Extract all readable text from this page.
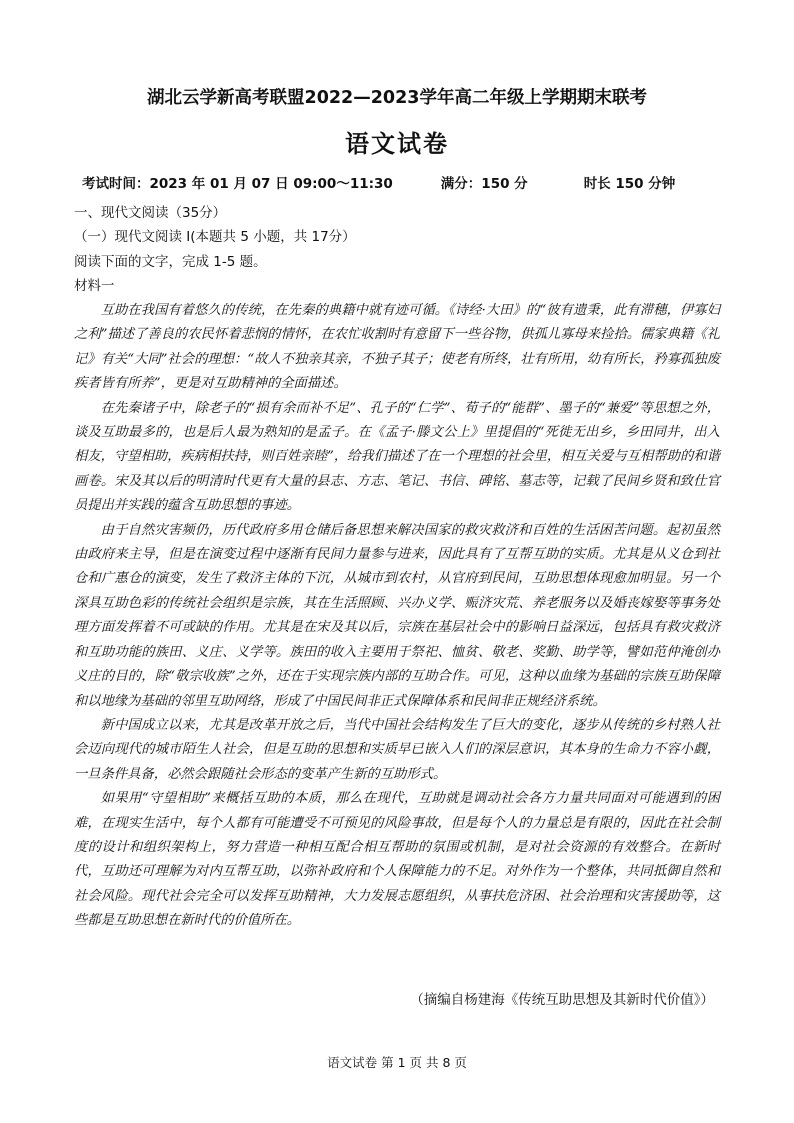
湖北云学新高考联盟2022—2023学年高二年级上学期期末联考
语文试卷
考试时间：2023 年 01 月 07 日 09:00～11:30	满分：150 分	时长 150 分钟
一、现代文阅读（35分）
（一）现代文阅读 I(本题共 5 小题，共 17分）
阅读下面的文字，完成 1-5 题。
材料一

互助在我国有着悠久的传统，在先秦的典籍中就有迹可循。《诗经·大田》的“彼有遗秉，此有滞穗，伊寡妇之利”描述了善良的农民怀着悲悯的情怀，在农忙收割时有意留下一些谷物，供孤儿寡母来捡拾。儒家典籍《礼记》有关“大同”社会的理想：“故人不独亲其亲，不独子其子；使老有所终，壮有所用，幼有所长，矜寡孤独废疾者皆有所养”，更是对互助精神的全面描述。

在先秦诸子中，除老子的“损有余而补不足”、孔子的“仁学”、荀子的“能群”、墨子的“兼爱”等思想之外，谈及互助最多的，也是后人最为熟知的是孟子。在《孟子·滕文公上》里提倡的“死徙无出乡，乡田同井，出入相友，守望相助，疾病相扶持，则百姓亲睦”，给我们描述了在一个理想的社会里，相互关爱与互相帮助的和谐画卷。宋及其以后的明清时代更有大量的县志、方志、笔记、书信、碑铭、墓志等，记载了民间乡贤和致仕官员提出并实践的蕴含互助思想的事迹。

由于自然灾害频仍，历代政府多用仓储后备思想来解决国家的救灾救济和百姓的生活困苦问题。起初虽然由政府来主导，但是在演变过程中逐渐有民间力量参与进来，因此具有了互帮互助的实质。尤其是从义仓到社仓和广惠仓的演变，发生了救济主体的下沉，从城市到农村，从官府到民间，互助思想体现愈加明显。另一个深具互助色彩的传统社会组织是宗族，其在生活照顾、兴办义学、赈济灾荒、养老服务以及婚丧嫁娶等事务处理方面发挥着不可或缺的作用。尤其是在宋及其以后，宗族在基层社会中的影响日益深远，包括具有救灾救济和互助功能的族田、义庄、义学等。族田的收入主要用于祭祀、恤贫、敬老、奖勤、助学等，譬如范仲淹创办义庄的目的，除“敬宗收族”之外，还在于实现宗族内部的互助合作。可见，这种以血缘为基础的宗族互助保障和以地缘为基础的邻里互助网络，形成了中国民间非正式保障体系和民间非正规经济系统。

新中国成立以来，尤其是改革开放之后，当代中国社会结构发生了巨大的变化，逐步从传统的乡村熟人社会迈向现代的城市陌生人社会，但是互助的思想和实质早已嵌入人们的深层意识，其本身的生命力不容小觑，一旦条件具备，必然会跟随社会形态的变革产生新的互助形式。

如果用“守望相助”来概括互助的本质，那么在现代，互助就是调动社会各方力量共同面对可能遇到的困难，在现实生活中，每个人都有可能遭受不可预见的风险事故，但是每个人的力量总是有限的，因此在社会制度的设计和组织架构上，努力营造一种相互配合相互帮助的氛围或机制，是对社会资源的有效整合。在新时代，互助还可理解为对内互帮互助，以弥补政府和个人保障能力的不足。对外作为一个整体，共同抵御自然和社会风险。现代社会完全可以发挥互助精神，大力发展志愿组织，从事扶危济困、社会治理和灾害援助等，这些都是互助思想在新时代的价值所在。

（摘编自杨建海《传统互助思想及其新时代价值》）
语文试卷 第 1 页 共 8 页
